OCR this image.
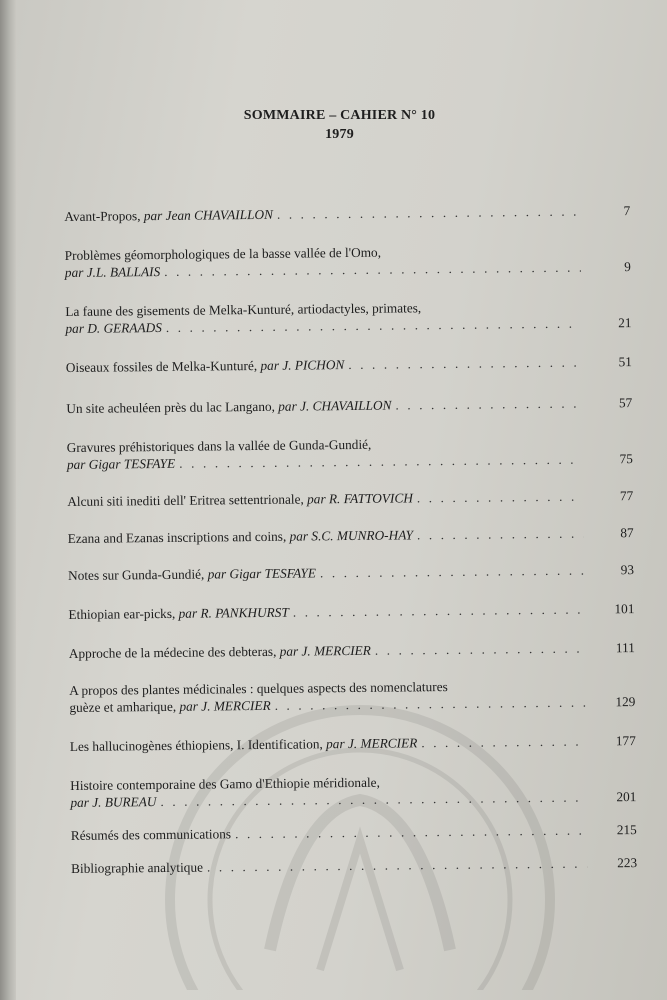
SOMMAIRE – CAHIER N° 10
1979
Avant-Propos, par Jean CHAVAILLON . . .	7
Problèmes géomorphologiques de la basse vallée de l'Omo,
par J.L. BALLAIS . . .	9
La faune des gisements de Melka-Kunturé, artiodactyles, primates,
par D. GERAADS . . .	21
Oiseaux fossiles de Melka-Kunturé, par J. PICHON . . .	51
Un site acheuléen près du lac Langano, par J. CHAVAILLON . . .	57
Gravures préhistoriques dans la vallée de Gunda-Gundié,
par Gigar TESFAYE . . .	75
Alcuni siti inediti dell' Eritrea settentrionale, par R. FATTOVICH . . .	77
Ezana and Ezanas inscriptions and coins, par S.C. MUNRO-HAY . . .	87
Notes sur Gunda-Gundié, par Gigar TESFAYE . . .	93
Ethiopian ear-picks, par R. PANKHURST . . .	101
Approche de la médecine des debteras, par J. MERCIER . . .	111
A propos des plantes médicinales : quelques aspects des nomenclatures
guèze et amharique, par J. MERCIER . . .	129
Les hallucinogènes éthiopiens, I. Identification, par J. MERCIER . . .	177
Histoire contemporaine des Gamo d'Ethiopie méridionale,
par J. BUREAU . . .	201
Résumés des communications . . .	215
Bibliographie analytique . . .	223
